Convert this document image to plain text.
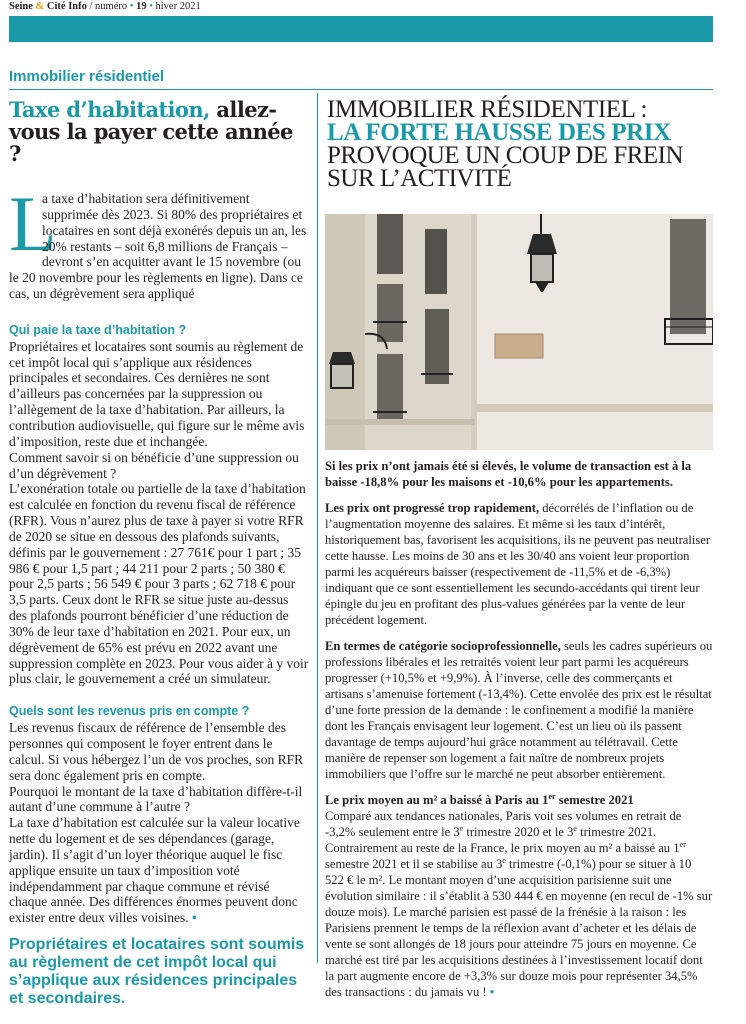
Seine & Cité Info / numéro • 19 • hiver 2021
Immobilier résidentiel
Taxe d’habitation, allez-vous la payer cette année ?
L
a taxe d’habitation sera définitivement supprimée dès 2023. Si 80% des propriétaires et locataires en sont déjà exonérés depuis un an, les 20% restants – soit 6,8 millions de Français – devront s’en acquitter avant le 15 novembre (ou le 20 novembre pour les règlements en ligne). Dans ce cas, un dégrèvement sera appliqué
Qui paie la taxe d’habitation ?

Propriétaires et locataires sont soumis au règlement de cet impôt local qui s’applique aux résidences principales et secondaires. Ces dernières ne sont d’ailleurs pas concernées par la suppression ou l’allègement de la taxe d’habitation. Par ailleurs, la contribution audiovisuelle, qui figure sur le même avis d’imposition, reste due et inchangée.

Comment savoir si on bénéficie d’une suppression ou d’un dégrèvement ?

L’exonération totale ou partielle de la taxe d’habitation est calculée en fonction du revenu fiscal de référence (RFR). Vous n’aurez plus de taxe à payer si votre RFR de 2020 se situe en dessous des plafonds suivants, définis par le gouvernement : 27 761€ pour 1 part ; 35 986 € pour 1,5 part ; 44 211 pour 2 parts ; 50 380 € pour 2,5 parts ; 56 549 € pour 3 parts ; 62 718 € pour 3,5 parts. Ceux dont le RFR se situe juste au-dessus des plafonds pourront bénéficier d’une réduction de 30% de leur taxe d’habitation en 2021. Pour eux, un dégrèvement de 65% est prévu en 2022 avant une suppression complète en 2023. Pour vous aider à y voir plus clair, le gouvernement a créé un simulateur.

Quels sont les revenus pris en compte ?

Les revenus fiscaux de référence de l’ensemble des personnes qui composent le foyer entrent dans le calcul. Si vous hébergez l’un de vos proches, son RFR sera donc également pris en compte.

Pourquoi le montant de la taxe d’habitation diffère-t-il autant d’une commune à l’autre ?

La taxe d’habitation est calculée sur la valeur locative nette du logement et de ses dépendances (garage, jardin). Il s’agit d’un loyer théorique auquel le fisc applique ensuite un taux d’imposition voté indépendamment par chaque commune et révisé chaque année. Des différences énormes peuvent donc exister entre deux villes voisines. •

Propriétaires et locataires sont soumis au règlement de cet impôt local qui s’applique aux résidences principales et secondaires.
IMMOBILIER RÉSIDENTIEL :
LA FORTE HAUSSE DES PRIX
PROVOQUE UN COUP DE FREIN SUR L’ACTIVITÉ

Si les prix n’ont jamais été si élevés, le volume de transaction est à la baisse -18,8% pour les maisons et -10,6% pour les appartements.

Les prix ont progressé trop rapidement, décorrélés de l’inflation ou de l’augmentation moyenne des salaires. Et même si les taux d’intérêt, historiquement bas, favorisent les acquisitions, ils ne peuvent pas neutraliser cette hausse. Les moins de 30 ans et les 30/40 ans voient leur proportion parmi les acquéreurs baisser (respectivement de -11,5% et de -6,3%) indiquant que ce sont essentiellement les secundo-accédants qui tirent leur épingle du jeu en profitant des plus-values générées par la vente de leur précédent logement.

En termes de catégorie socioprofessionnelle, seuls les cadres supérieurs ou professions libérales et les retraités voient leur part parmi les acquéreurs progresser (+10,5% et +9,9%). À l’inverse, celle des commerçants et artisans s’amenuise fortement (-13,4%). Cette envolée des prix est le résultat d’une forte pression de la demande : le confinement a modifié la manière dont les Français envisagent leur logement. C’est un lieu où ils passent davantage de temps aujourd’hui grâce notamment au télétravail. Cette manière de repenser son logement a fait naître de nombreux projets immobiliers que l’offre sur le marché ne peut absorber entièrement.

Le prix moyen au m² a baissé à Paris au 1er semestre 2021
Comparé aux tendances nationales, Paris voit ses volumes en retrait de -3,2% seulement entre le 3e trimestre 2020 et le 3e trimestre 2021.
Contrairement au reste de la France, le prix moyen au m² a baissé au 1er semestre 2021 et il se stabilise au 3e trimestre (-0,1%) pour se situer à 10 522 € le m². Le montant moyen d’une acquisition parisienne suit une évolution similaire : il s’établit à 530 444 € en moyenne (en recul de -1% sur douze mois). Le marché parisien est passé de la frénésie à la raison : les Parisiens prennent le temps de la réflexion avant d’acheter et les délais de vente se sont allongés de 18 jours pour atteindre 75 jours en moyenne. Ce marché est tiré par les acquisitions destinées à l’investissement locatif dont la part augmente encore de +3,3% sur douze mois pour représenter 34,5% des transactions : du jamais vu ! •
